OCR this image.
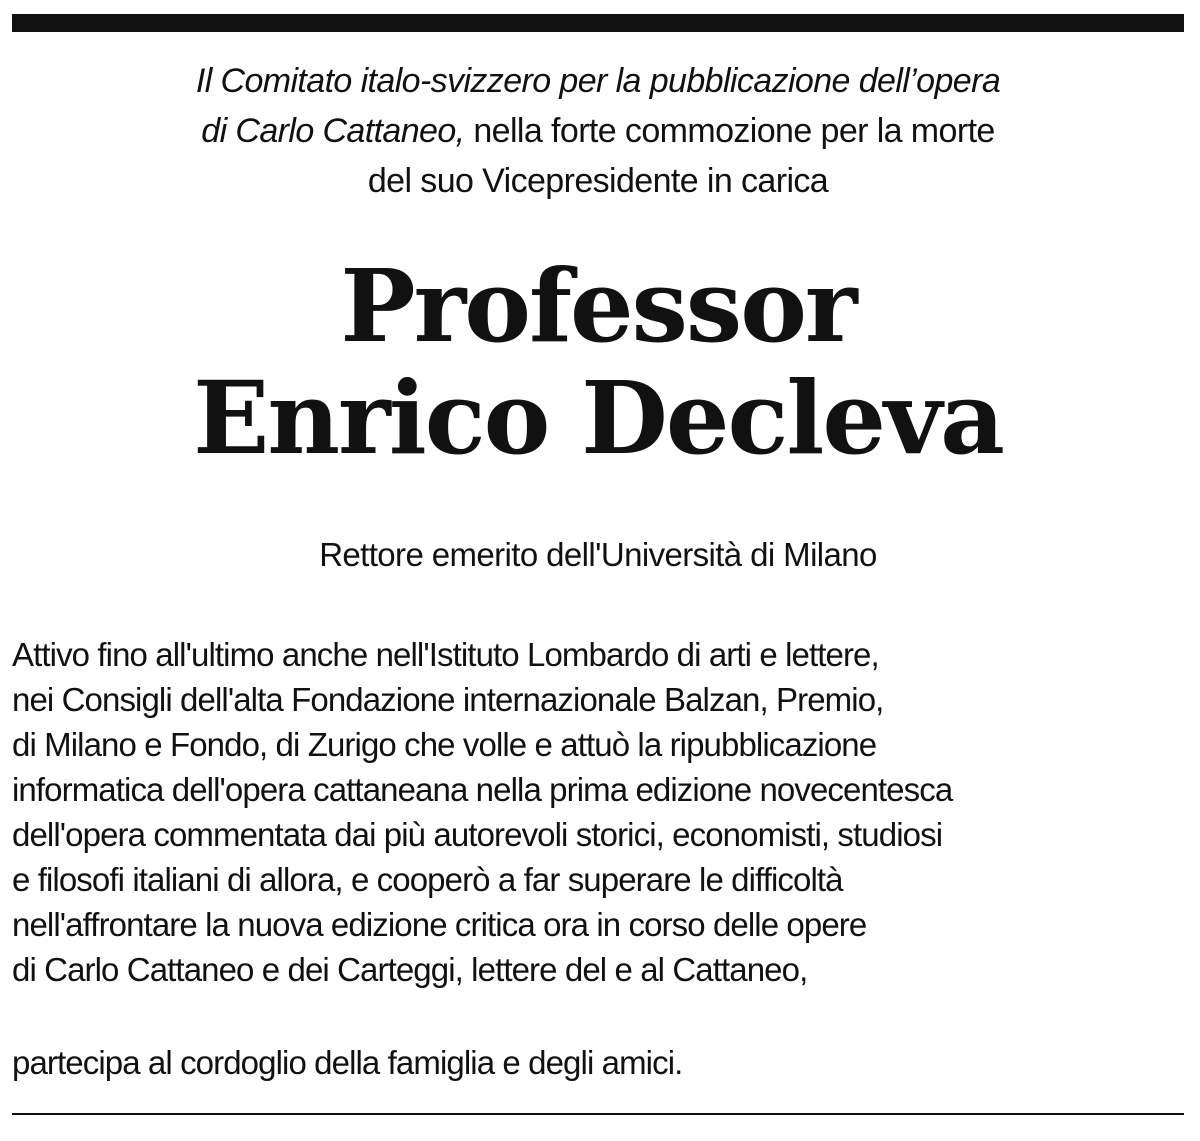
Il Comitato italo-svizzero per la pubblicazione dell’opera
di Carlo Cattaneo, nella forte commozione per la morte
del suo Vicepresidente in carica
Professor
Enrico Decleva
Rettore emerito dell'Università di Milano
Attivo fino all'ultimo anche nell'Istituto Lombardo di arti e lettere,
nei Consigli dell'alta Fondazione internazionale Balzan, Premio,
di Milano e Fondo, di Zurigo che volle e attuò la ripubblicazione
informatica dell'opera cattaneana nella prima edizione novecentesca
dell'opera commentata dai più autorevoli storici, economisti, studiosi
e filosofi italiani di allora, e cooperò a far superare le difficoltà
nell'affrontare la nuova edizione critica ora in corso delle opere
di Carlo Cattaneo e dei Carteggi, lettere del e al Cattaneo,
partecipa al cordoglio della famiglia e degli amici.
